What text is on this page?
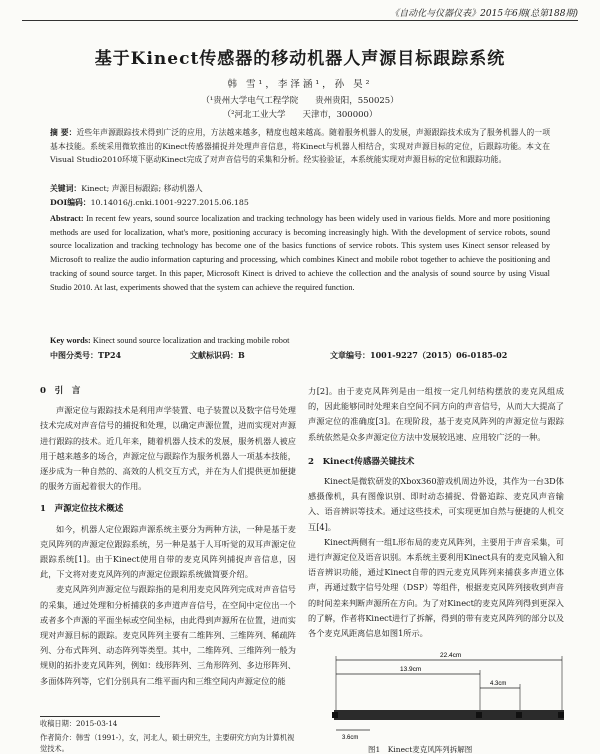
《自动化与仪器仪表》2015年6期(总第188期)
基于Kinect传感器的移动机器人声源目标跟踪系统
韩 雪¹，李泽涵¹，孙 昊²
（¹贵州大学电气工程学院　　贵州贵阳，550025）
（²河北工业大学　　天津市，300000）
摘 要：近些年声源跟踪技术得到广泛的应用，方法越来越多，精度也越来越高。随着服务机器人的发展，声源跟踪技术成为了服务机器人的一项基本技能。系统采用微软推出的Kinect传感器捕捉并处理声音信息，将Kinect与机器人相结合，实现对声源目标的定位，后跟踪功能。本文在Visual Studio2010环境下驱动Kinect完成了对声音信号的采集和分析。经实验验证，本系统能实现对声源目标的定位和跟踪功能。
关键词：Kinect; 声源目标跟踪; 移动机器人
DOI编码：10.14016/j.cnki.1001-9227.2015.06.185
Abstract: In recent few years, sound source localization and tracking technology has been widely used in various fields. More and more positioning methods are used for localization, what's more, positioning accuracy is becoming increasingly high. With the development of service robots, sound source localization and tracking technology has become one of the basics functions of service robots. This system uses Kinect sensor released by Microsoft to realize the audio information capturing and processing, which combines Kinect and mobile robot together to achieve the positioning and tracking of sound source target. In this paper, Microsoft Kinect is drived to achieve the collection and the analysis of sound source by using Visual Studio 2010. At last, experiments showed that the system can achieve the required function.
Key words: Kinect sound source localization and tracking mobile robot
中图分类号：TP24	文献标识码：B	文章编号：1001-9227（2015）06-0185-02
0　引　言
声源定位与跟踪技术是利用声学装置、电子装置以及数字信号处理技术完成对声音信号的捕捉和处理，以确定声源位置，进而实现对声源进行跟踪的技术。近几年来，随着机器人技术的发展，服务机器人被应用于越来越多的场合，声源定位与跟踪作为服务机器人一项基本技能，逐步成为一种自然的、高效的人机交互方式，并在为人们提供更加便捷的服务方面起着很大的作用。
1　声源定位技术概述
如今，机器人定位跟踪声源系统主要分为两种方法，一种是基于麦克风阵列的声源定位跟踪系统，另一种是基于人耳听觉的双耳声源定位跟踪系统[1]。由于Kinect使用自带的麦克风阵列捕捉声音信息，因此，下文将对麦克风阵列的声源定位跟踪系统做简要介绍。
麦克风阵列声源定位与跟踪指的是利用麦克风阵列完成对声音信号的采集，通过处理和分析捕获的多声道声音信号，在空间中定位出一个或者多个声源的平面坐标或空间坐标，由此得到声源所在位置，进而实现对声源目标的跟踪。麦克风阵列主要有二维阵列、三维阵列、稀疏阵列、分布式阵列、动态阵列等类型。其中，二维阵列、三维阵列一般为规则的拓扑麦克风阵列，例如：线形阵列、三角形阵列、多边形阵列、多面体阵列等，它们分别具有二维平面内和三维空间内声源定位的能
力[2]。由于麦克风阵列是由一组按一定几何结构摆放的麦克风组成的，因此能够同时处理来自空间不同方向的声音信号，从而大大提高了声源定位的准确度[3]。在现阶段，基于麦克风阵列的声源定位与跟踪系统依然是众多声源定位方法中发展较迅速、应用较广泛的一种。
2　Kinect传感器关键技术
Kinect是微软研发的Xbox360游戏机周边外设，其作为一台3D体感摄像机，具有图像识别、即时动态捕捉、骨骼追踪、麦克风声音输入、语音辨识等技术。通过这些技术，可实现更加自然与便捷的人机交互[4]。
Kinect两侧有一组L形布局的麦克风阵列，主要用于声音采集，可进行声源定位及语音识别。本系统主要利用Kinect具有的麦克风输入和语音辨识功能，通过Kinect自带的四元麦克风阵列来捕获多声道立体声，再通过数字信号处理（DSP）等组件，根据麦克风阵列接收到声音的时间差来判断声源所在方向。为了对Kinect的麦克风阵列得到更深入的了解，作者将Kinect进行了拆解，得到的带有麦克风阵列的部分以及各个麦克风距离信息如图1所示。
22.4cm
13.9cm
4.3cm
3.6cm
图1　Kinect麦克风阵列拆解图
收稿日期：2015-03-14
作者简介：韩雪（1991-），女，河北人，硕士研究生，主要研究方向为计算机视觉技术。
